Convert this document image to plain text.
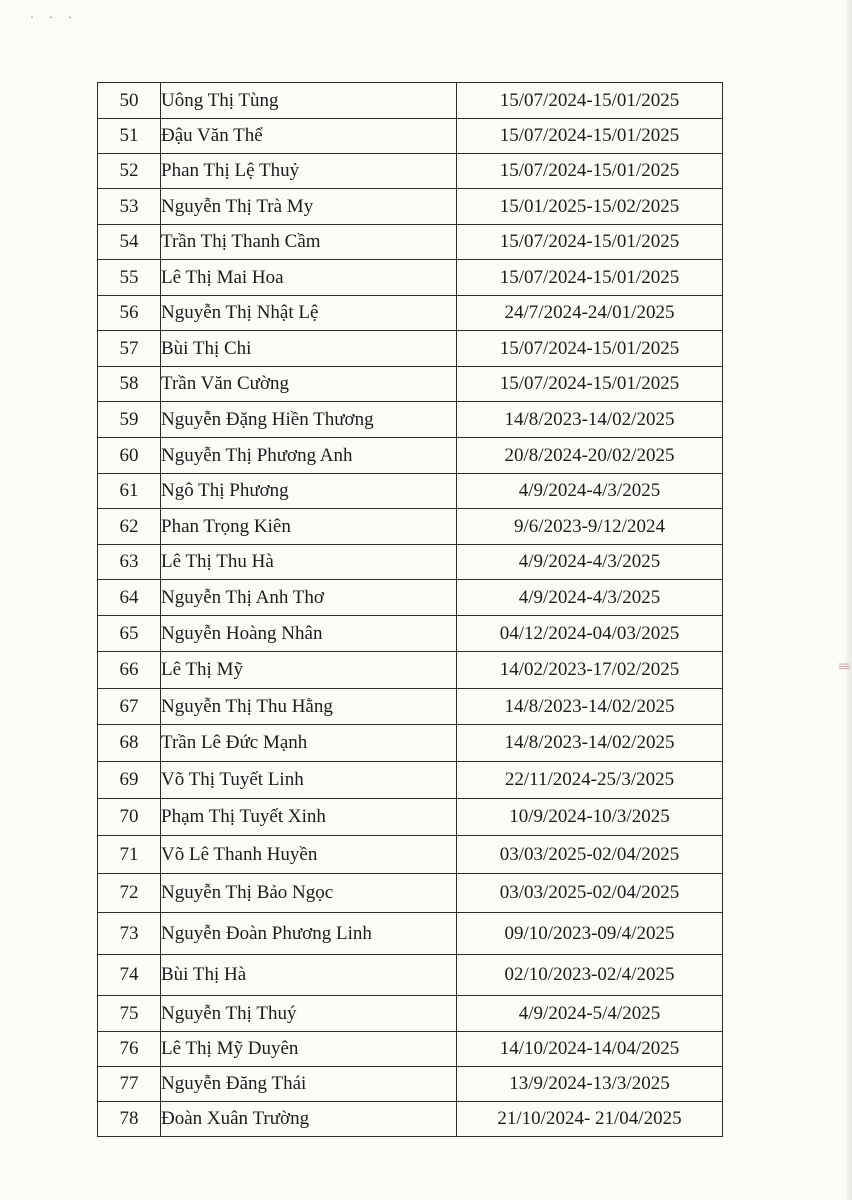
· · ·
|||
50	Uông Thị Tùng	15/07/2024-15/01/2025
51	Đậu Văn Thể	15/07/2024-15/01/2025
52	Phan Thị Lệ Thuỷ	15/07/2024-15/01/2025
53	Nguyễn Thị Trà My	15/01/2025-15/02/2025
54	Trần Thị Thanh Cầm	15/07/2024-15/01/2025
55	Lê Thị Mai Hoa	15/07/2024-15/01/2025
56	Nguyễn Thị Nhật Lệ	24/7/2024-24/01/2025
57	Bùi Thị Chi	15/07/2024-15/01/2025
58	Trần Văn Cường	15/07/2024-15/01/2025
59	Nguyễn Đặng Hiền Thương	14/8/2023-14/02/2025
60	Nguyễn Thị Phương Anh	20/8/2024-20/02/2025
61	Ngô Thị Phương	4/9/2024-4/3/2025
62	Phan Trọng Kiên	9/6/2023-9/12/2024
63	Lê Thị Thu Hà	4/9/2024-4/3/2025
64	Nguyễn Thị Anh Thơ	4/9/2024-4/3/2025
65	Nguyễn Hoàng Nhân	04/12/2024-04/03/2025
66	Lê Thị Mỹ	14/02/2023-17/02/2025
67	Nguyễn Thị Thu Hằng	14/8/2023-14/02/2025
68	Trần Lê Đức Mạnh	14/8/2023-14/02/2025
69	Võ Thị Tuyết Linh	22/11/2024-25/3/2025
70	Phạm Thị Tuyết Xinh	10/9/2024-10/3/2025
71	Võ Lê Thanh Huyền	03/03/2025-02/04/2025
72	Nguyễn Thị Bảo Ngọc	03/03/2025-02/04/2025
73	Nguyễn Đoàn Phương Linh	09/10/2023-09/4/2025
74	Bùi Thị Hà	02/10/2023-02/4/2025
75	Nguyễn Thị Thuý	4/9/2024-5/4/2025
76	Lê Thị Mỹ Duyên	14/10/2024-14/04/2025
77	Nguyễn Đăng Thái	13/9/2024-13/3/2025
78	Đoàn Xuân Trường	21/10/2024- 21/04/2025
